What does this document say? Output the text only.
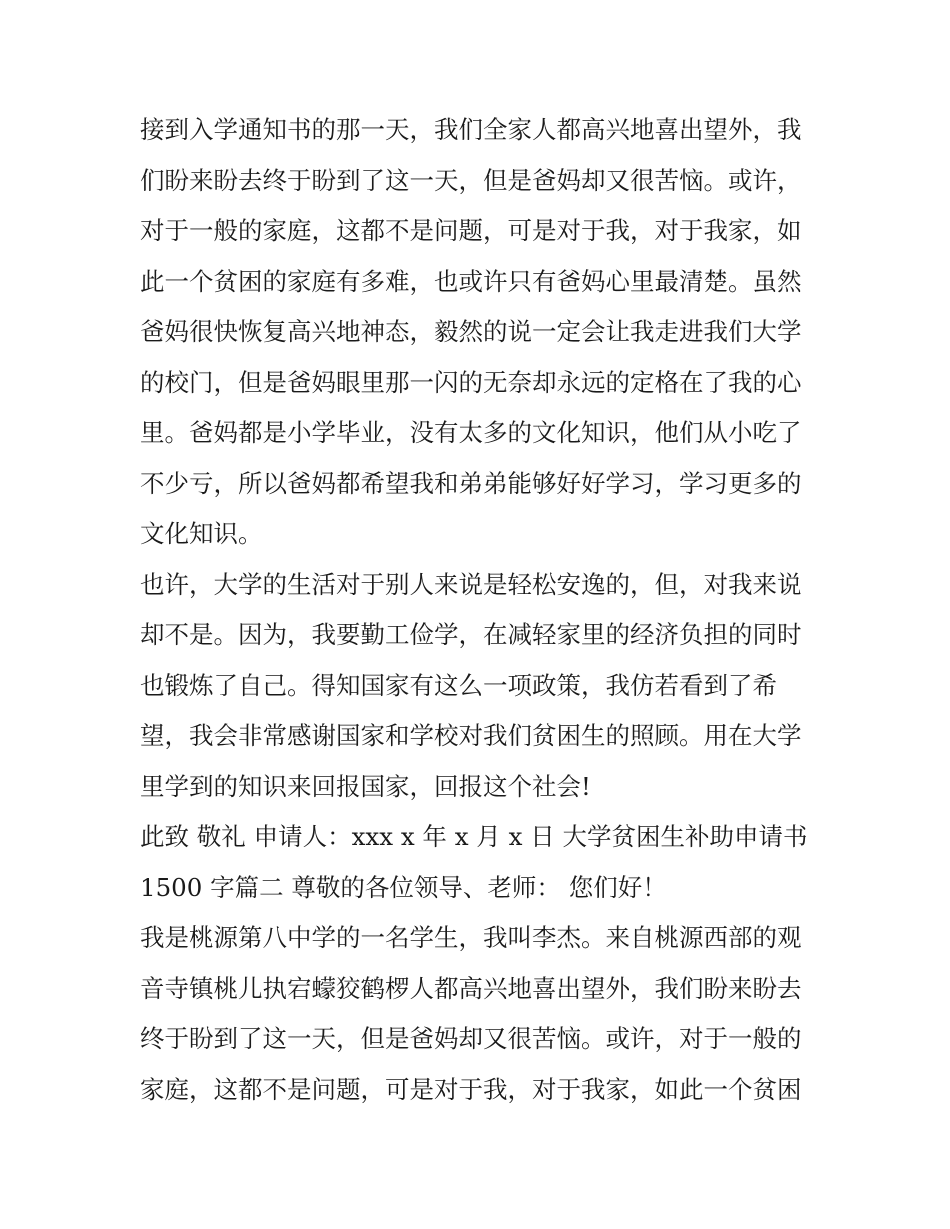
接到入学通知书的那一天，我们全家人都高兴地喜出望外，我
们盼来盼去终于盼到了这一天，但是爸妈却又很苦恼。或许，
对于一般的家庭，这都不是问题，可是对于我，对于我家，如
此一个贫困的家庭有多难，也或许只有爸妈心里最清楚。虽然
爸妈很快恢复高兴地神态，毅然的说一定会让我走进我们大学
的校门，但是爸妈眼里那一闪的无奈却永远的定格在了我的心
里。爸妈都是小学毕业，没有太多的文化知识，他们从小吃了
不少亏，所以爸妈都希望我和弟弟能够好好学习，学习更多的
文化知识。
也许，大学的生活对于别人来说是轻松安逸的，但，对我来说
却不是。因为，我要勤工俭学，在减轻家里的经济负担的同时
也锻炼了自己。得知国家有这么一项政策，我仿若看到了希
望，我会非常感谢国家和学校对我们贫困生的照顾。用在大学
里学到的知识来回报国家，回报这个社会!
此致 敬礼 申请人：xxx x 年 x 月 x 日 大学贫困生补助申请书
1500 字篇二 尊敬的各位领导、老师： 您们好！
我是桃源第八中学的一名学生，我叫李杰。来自桃源西部的观
音寺镇桃儿执宕蠓狡鹤椤人都高兴地喜出望外，我们盼来盼去
终于盼到了这一天，但是爸妈却又很苦恼。或许，对于一般的
家庭，这都不是问题，可是对于我，对于我家，如此一个贫困
